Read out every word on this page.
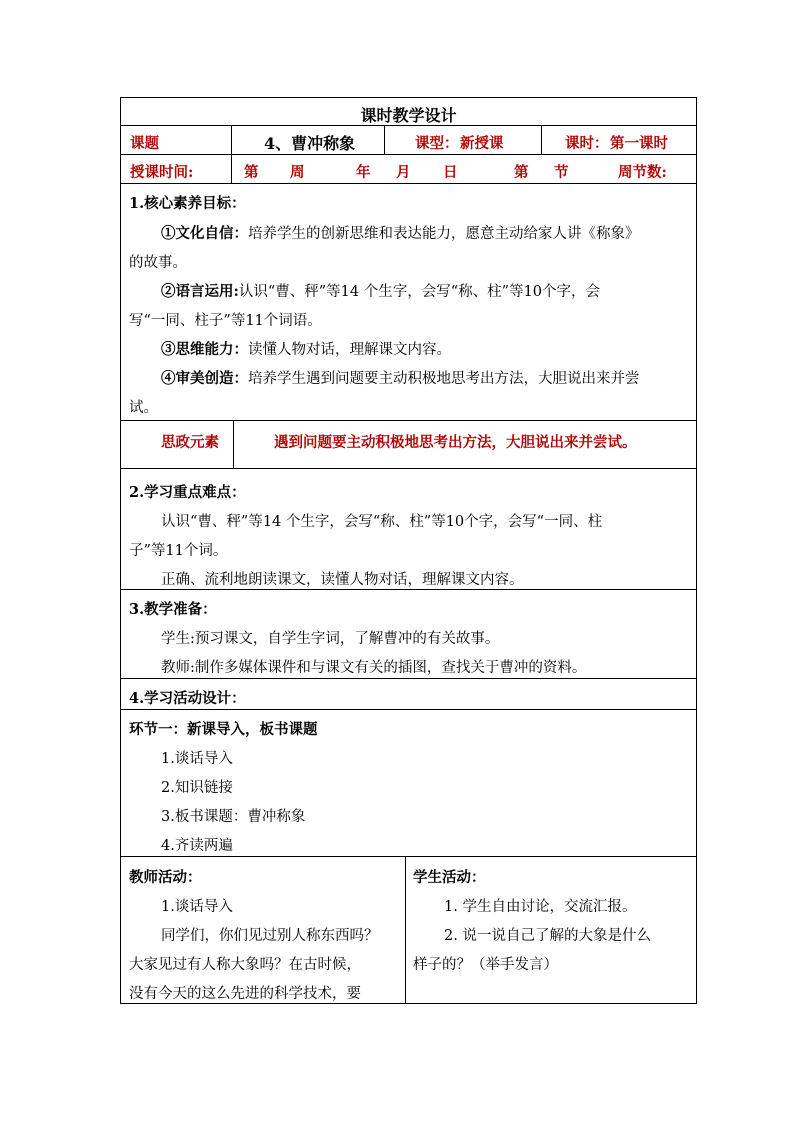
课时教学设计
课题	4、曹冲称象	课型： 新授课	课时： 第一课时
授课时间:	第 周	年 月 日	第 节	周节数:
1.核心素养目标：
①文化自信：培养学生的创新思维和表达能力，愿意主动给家人讲《称象》
的故事。
②语言运用:认识“曹、秤”等14 个生字，会写“称、柱”等10个字，会
写“一同、柱子”等11个词语。
③思维能力：读懂人物对话，理解课文内容。
④审美创造：培养学生遇到问题要主动积极地思考出方法，大胆说出来并尝
试。
思政元素	遇到问题要主动积极地思考出方法，大胆说出来并尝试。
2.学习重点难点：
认识“曹、秤”等14 个生字，会写“称、柱”等10个字，会写“一同、柱
子”等11个词。
正确、流利地朗读课文，读懂人物对话，理解课文内容。
3.教学准备：
学生:预习课文，自学生字词，了解曹冲的有关故事。
教师:制作多媒体课件和与课文有关的插图，查找关于曹冲的资料。
4.学习活动设计：
环节一：新课导入，板书课题
1.谈话导入
2.知识链接
3.板书课题：曹冲称象
4.齐读两遍
教师活动：
1.谈话导入
同学们，你们见过别人称东西吗？
大家见过有人称大象吗？在古时候，
没有今天的这么先进的科学技术，要
学生活动：
1. 学生自由讨论，交流汇报。
2. 说一说自己了解的大象是什么
样子的？（举手发言）
